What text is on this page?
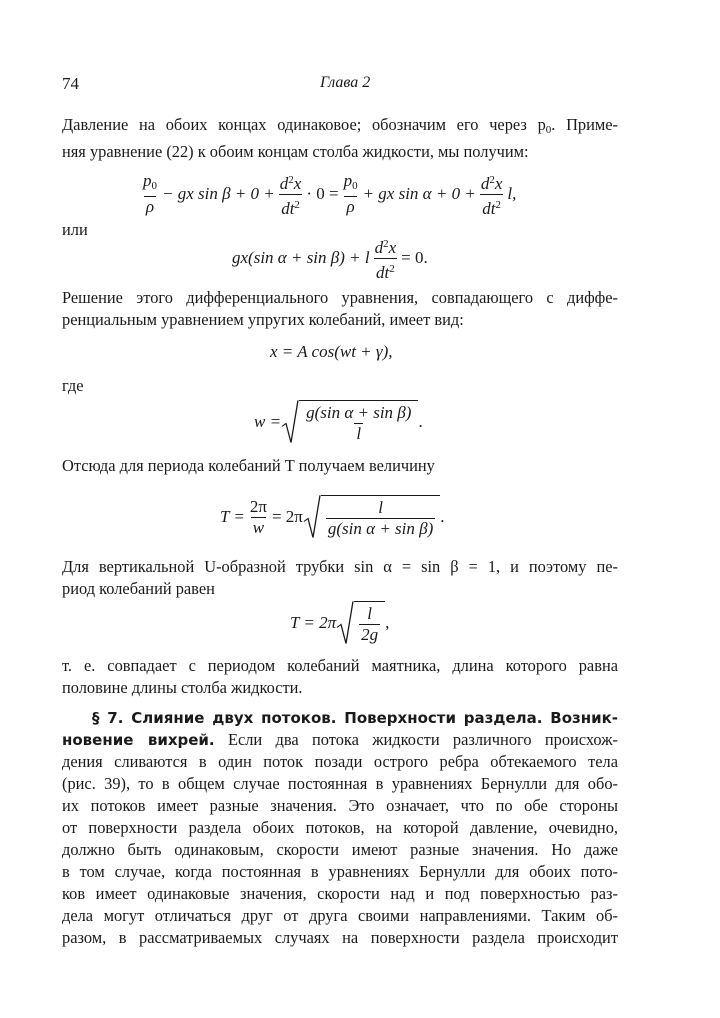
74	Глава 2
Давление на обоих концах одинаковое; обозначим его через $p_0$. Приме-
няя уравнение (22) к обоим концам столба жидкости, мы получим:
$\frac{p_0}{\rho}$ − gx $\sin \beta + 0 + \frac{d^2x}{dt^2} \cdot 0 = \frac{p_0}{\rho}$ + gx $\sin \alpha + 0 + \frac{d^2x}{dt^2} l$,
или
gx(sin α + sin β) + l $\frac{d^2x}{dt^2} = 0$.
Решение этого дифференциального уравнения, совпадающего с диффе-
ренциальным уравнением упругих колебаний, имеет вид:
x = A cos(wt + γ),
где
$w = \frac{\text{g(sin α + sin β)}}{l}$ .
Отсюда для периода колебаний T получаем величину
$T = \frac{2\pi}{w} = 2\pi \frac{l}{\text{g(sin α + sin β)}}$ .
Для вертикальной U-образной трубки sin α = sin β = 1, и поэтому пе-
риод колебаний равен
$T = 2\pi \frac{l}{2g}$ ,
т. е. совпадает с периодом колебаний маятника, длина которого равна
половине длины столба жидкости.
§ 7. Слияние двух потоков. Поверхности раздела. Возник-
новение вихрей. Если два потока жидкости различного происхож-
дения сливаются в один поток позади острого ребра обтекаемого тела
(рис. 39), то в общем случае постоянная в уравнениях Бернулли для обо-
их потоков имеет разные значения. Это означает, что по обе стороны
от поверхности раздела обоих потоков, на которой давление, очевидно,
должно быть одинаковым, скорости имеют разные значения. Но даже
в том случае, когда постоянная в уравнениях Бернулли для обоих пото-
ков имеет одинаковые значения, скорости над и под поверхностью раз-
дела могут отличаться друг от друга своими направлениями. Таким об-
разом, в рассматриваемых случаях на поверхности раздела происходит
